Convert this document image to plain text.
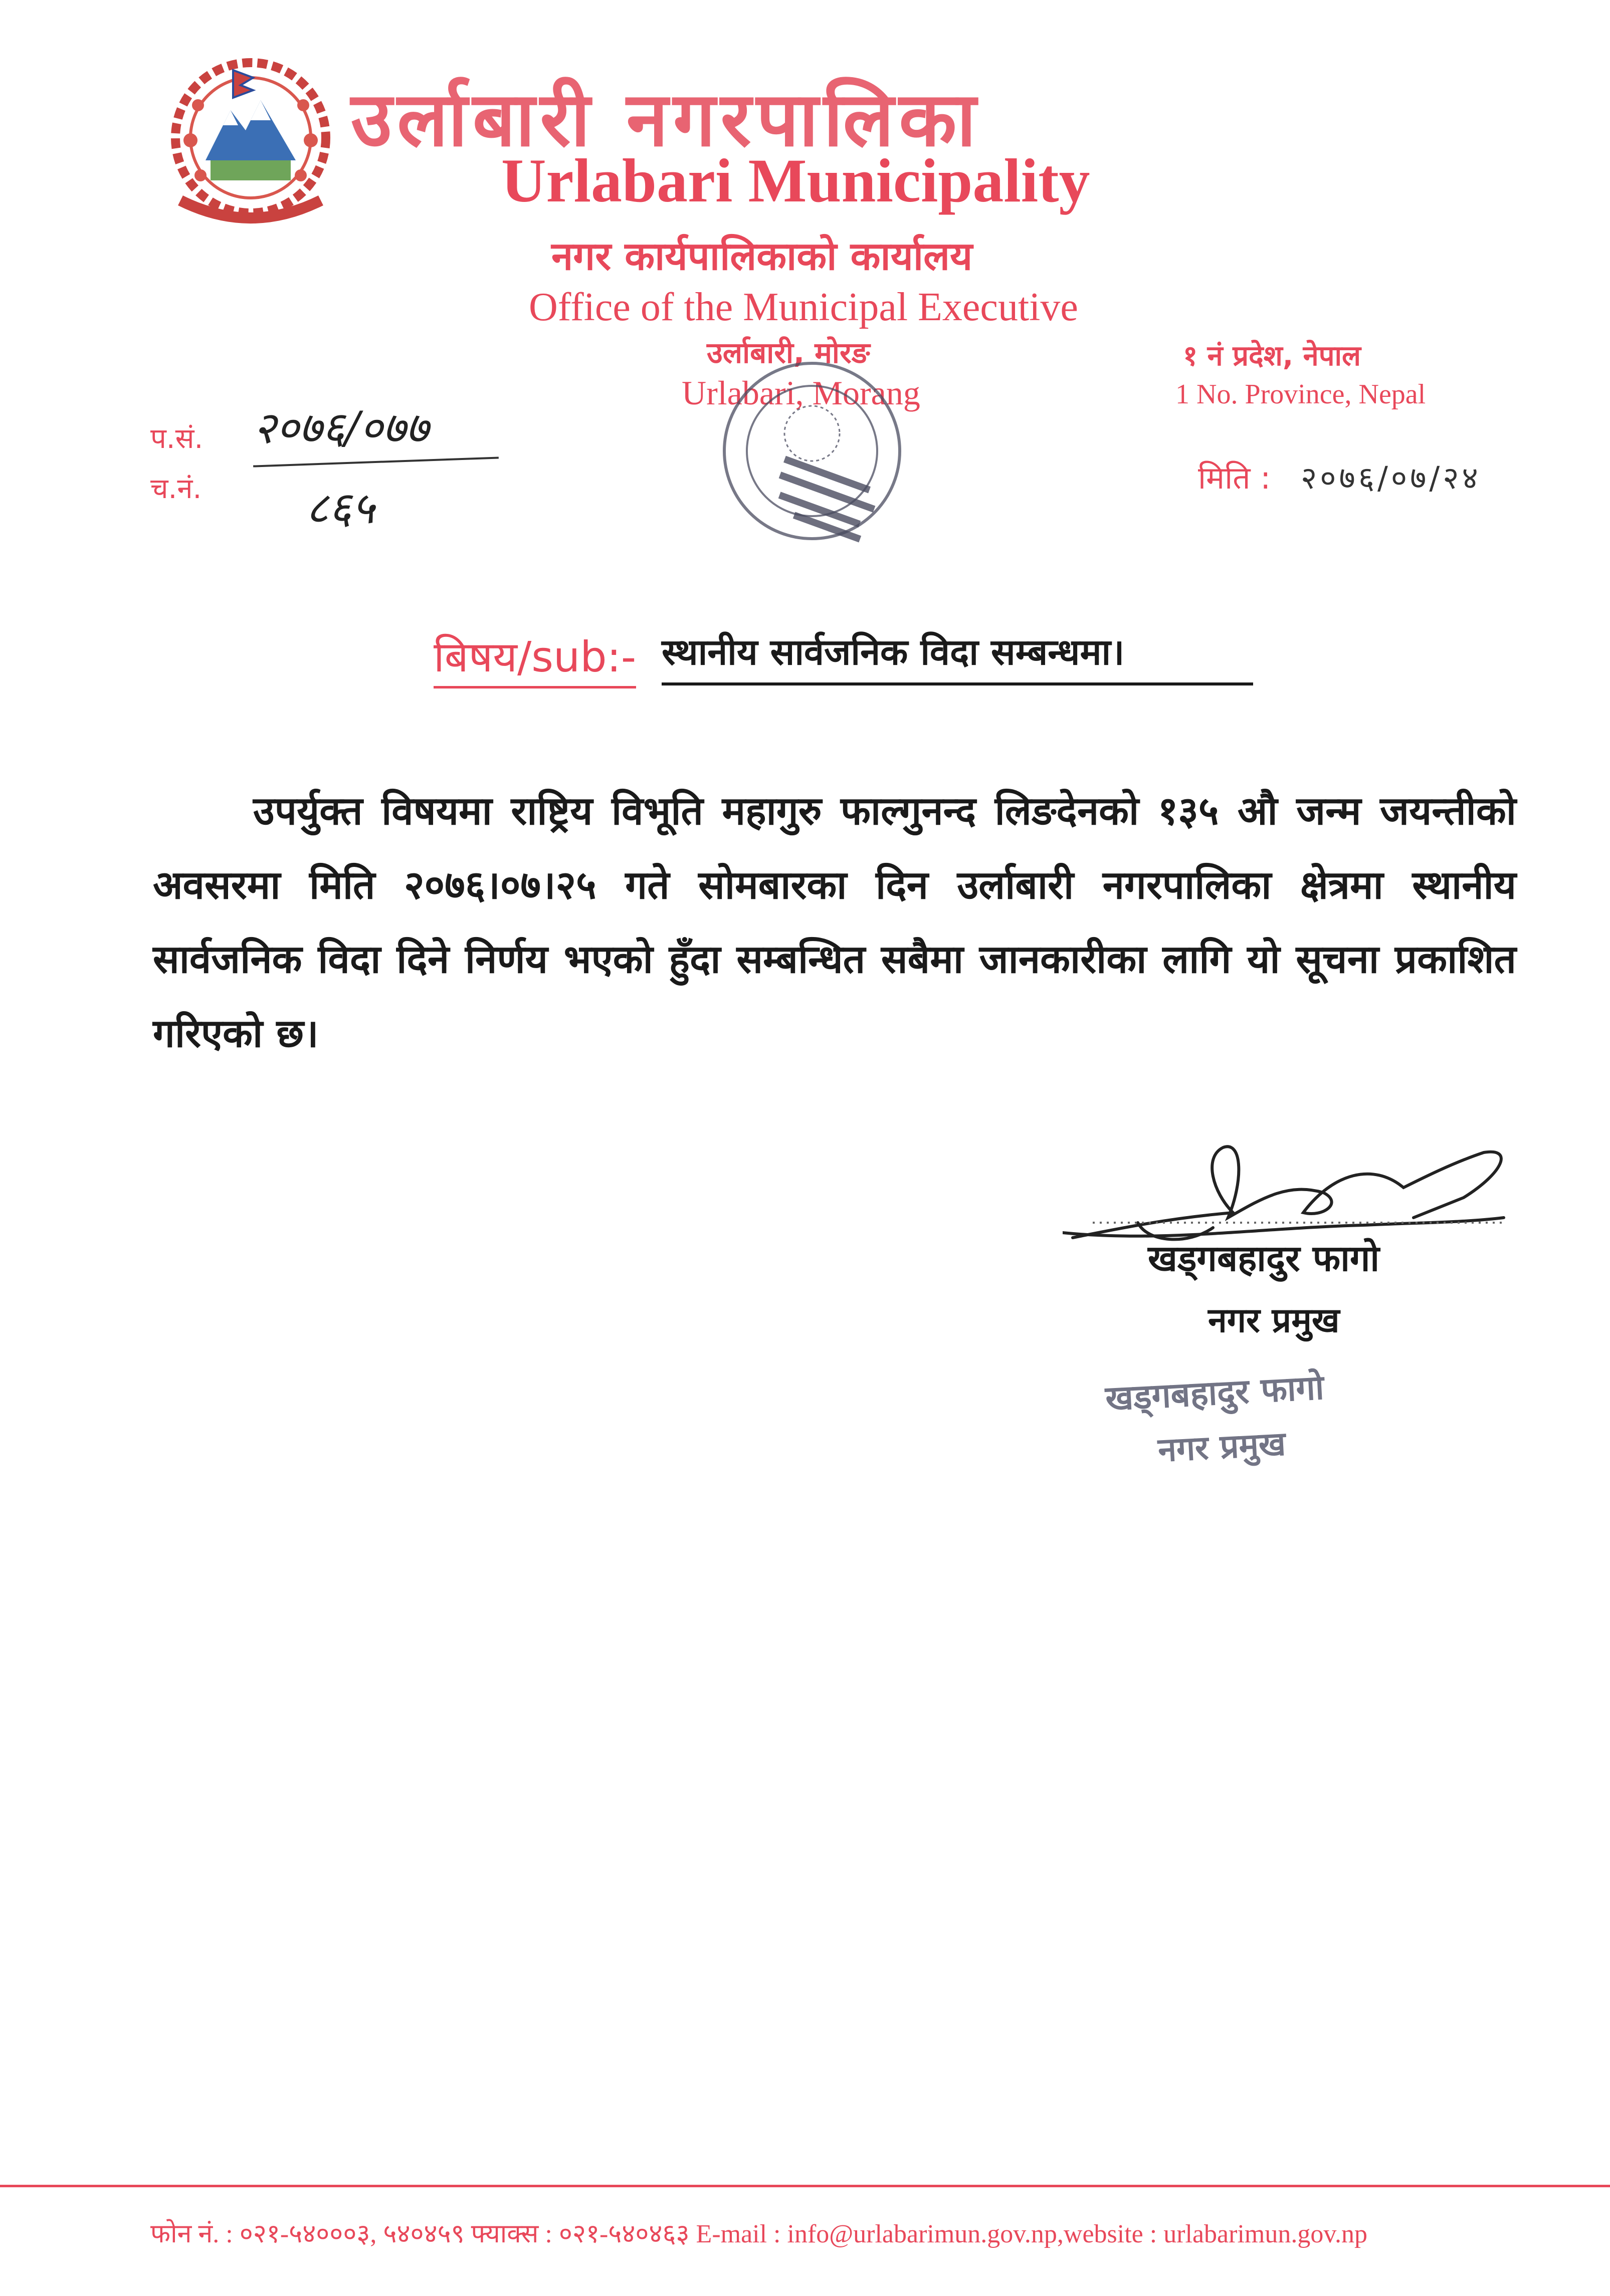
उर्लाबारी नगरपालिका
Urlabari Municipality
नगर कार्यपालिकाको कार्यालय
Office of the Municipal Executive
उर्लाबारी, मोरङ
Urlabari, Morang
१ नं प्रदेश, नेपाल
1 No. Province, Nepal
प.सं.
च.नं.
२०७६/०७७
८६५
मिति : २०७६/०७/२४
बिषय/sub:- स्थानीय सार्वजनिक विदा सम्बन्धमा।
उपर्युक्त विषयमा राष्ट्रिय विभूति महागुरु फाल्गुनन्द लिङदेनको १३५ औ जन्म जयन्तीको अवसरमा मिति २०७६।०७।२५ गते सोमबारका दिन उर्लाबारी नगरपालिका क्षेत्रमा स्थानीय सार्वजनिक विदा दिने निर्णय भएको हुँदा सम्बन्धित सबैमा जानकारीका लागि यो सूचना प्रकाशित गरिएको छ।
खड्गबहादुर फागो
नगर प्रमुख
खड्गबहादुर फागो
नगर प्रमुख
फोन नं. : ०२१-५४०००३, ५४०४५९ फ्याक्स : ०२१-५४०४६३ E-mail : info@urlabarimun.gov.np,website : urlabarimun.gov.np
